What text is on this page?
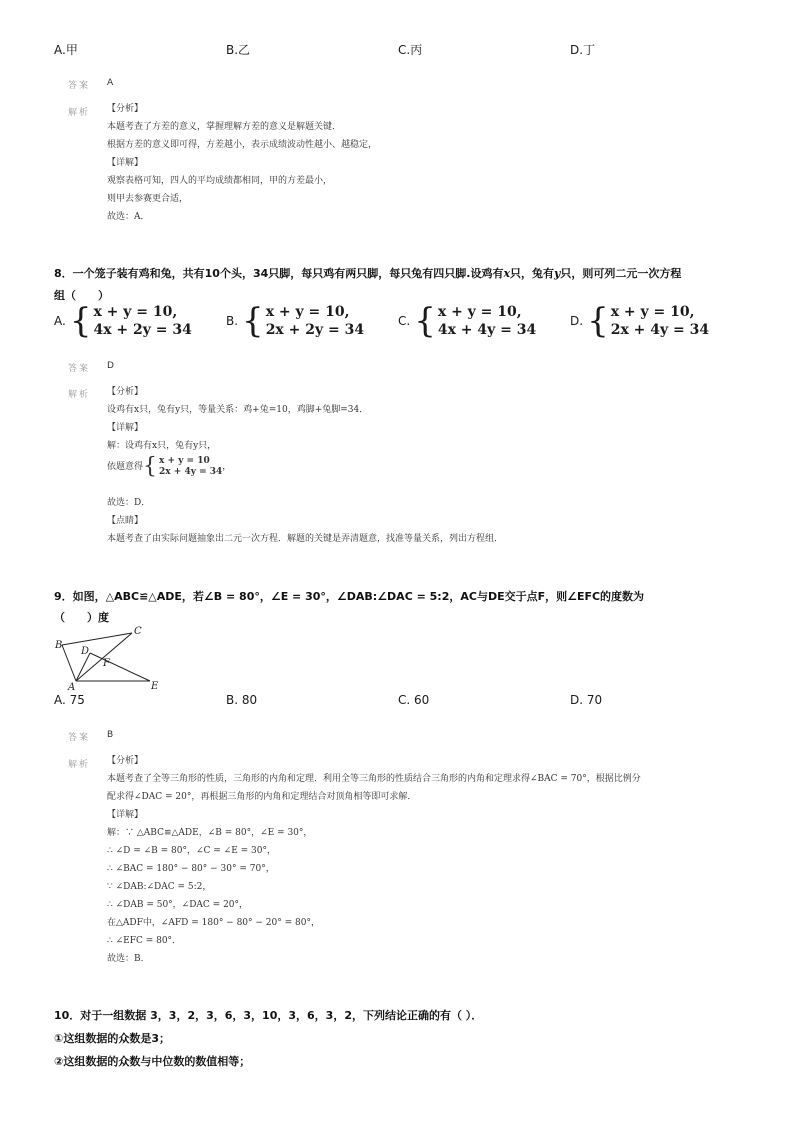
A.甲	B.乙	C.丙	D.丁
答案 A
解析 【分析】
本题考查了方差的意义，掌握理解方差的意义是解题关键．
根据方差的意义即可得，方差越小，表示成绩波动性越小、越稳定，
【详解】
观察表格可知，四人的平均成绩都相同，甲的方差最小，
则甲去参赛更合适，
故选：A．
8．一个笼子装有鸡和兔，共有10个头，34只脚，每只鸡有两只脚，每只兔有四只脚.设鸡有x只，兔有y只，则可列二元一次方程
组（　　）
A. { x + y = 10,
4x + 2y = 34
B. { x + y = 10,
2x + 2y = 34
C. { x + y = 10,
4x + 4y = 34
D. { x + y = 10,
2x + 4y = 34
答案 D
解析 【分析】
设鸡有x只，兔有y只，等量关系：鸡+兔=10，鸡脚+兔脚=34．
【详解】
解：设鸡有x只，兔有y只，
依题意得 { x + y = 10
2x + 4y = 34 ，
故选：D．
【点睛】
本题考查了由实际问题抽象出二元一次方程．解题的关键是弄清题意，找准等量关系，列出方程组．
9．如图，△ABC≌△ADE，若∠B = 80°，∠E = 30°，∠DAB:∠DAC = 5:2，AC与DE交于点F，则∠EFC的度数为
（　　）度
B
C
D
F
A	E
A. 75	B. 80	C. 60	D. 70
答案 B
解析 【分析】
本题考查了全等三角形的性质，三角形的内角和定理．利用全等三角形的性质结合三角形的内角和定理求得∠BAC = 70°，根据比例分
配求得∠DAC = 20°，再根据三角形的内角和定理结合对顶角相等即可求解．
【详解】
解：∵ △ABC≌△ADE，∠B = 80°，∠E = 30°，
∴ ∠D = ∠B = 80°，∠C = ∠E = 30°，
∴ ∠BAC = 180° − 80° − 30° = 70°，
∵ ∠DAB:∠DAC = 5:2，
∴ ∠DAB = 50°，∠DAC = 20°，
在△ADF中，∠AFD = 180° − 80° − 20° = 80°，
∴ ∠EFC = 80°．
故选：B．
10．对于一组数据 3，3，2，3，6，3，10，3，6，3，2，下列结论正确的有（ ）．
①这组数据的众数是3；
②这组数据的众数与中位数的数值相等；
